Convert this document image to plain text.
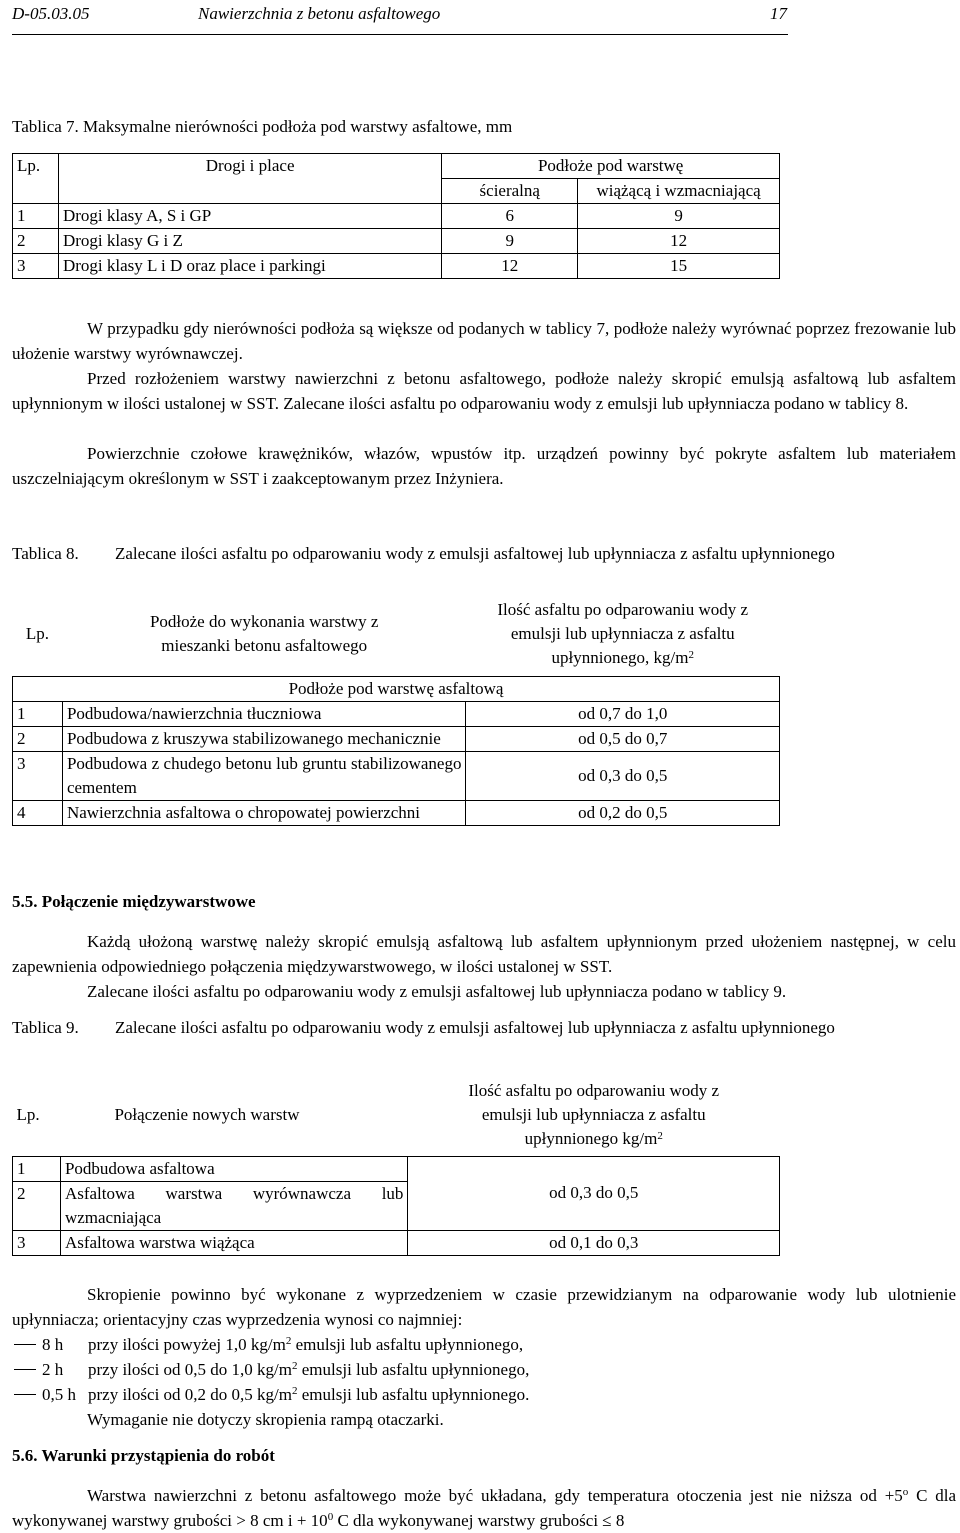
D-05.03.05	Nawierzchnia z betonu asfaltowego	17
Tablica 7. Maksymalne nierówności podłoża pod warstwy asfaltowe, mm
Lp.	Drogi i place	Podłoże pod warstwę	
		ścieralną	wiążącą i wzmacniającą
1	Drogi klasy A, S i GP	6	9
2	Drogi klasy G i Z	9	12
3	Drogi klasy L i D oraz place i parkingi	12	15
W przypadku gdy nierówności podłoża są większe od podanych w tablicy 7, podłoże należy wyrównać poprzez frezowanie lub ułożenie warstwy wyrównawczej.
Przed rozłożeniem warstwy nawierzchni z betonu asfaltowego, podłoże należy skropić emulsją asfaltową lub asfaltem upłynnionym w ilości ustalonej w SST. Zalecane ilości asfaltu po odparowaniu wody z emulsji lub upłynniacza podano w tablicy 8.
Powierzchnie czołowe krawężników, włazów, wpustów itp. urządzeń powinny być pokryte asfaltem lub materiałem uszczelniającym określonym w SST i zaakceptowanym przez Inżyniera.
Tablica 8. Zalecane ilości asfaltu po odparowaniu wody z emulsji asfaltowej lub upłynniacza z asfaltu upłynnionego
Lp.	Podłoże do wykonania warstwy z mieszanki betonu asfaltowego	Ilość asfaltu po odparowaniu wody z emulsji lub upłynniacza z asfaltu upłynnionego, $kg/m^2$
Podłoże pod warstwę asfaltową		
1	Podbudowa/nawierzchnia tłuczniowa	od 0,7 do 1,0
2	Podbudowa z kruszywa stabilizowanego mechanicznie	od 0,5 do 0,7
3	Podbudowa z chudego betonu lub gruntu stabilizowanego cementem	od 0,3 do 0,5
4	Nawierzchnia asfaltowa o chropowatej powierzchni	od 0,2 do 0,5
5.5. Połączenie międzywarstwowe
Każdą ułożoną warstwę należy skropić emulsją asfaltową lub asfaltem upłynnionym przed ułożeniem następnej, w celu zapewnienia odpowiedniego połączenia międzywarstwowego, w ilości ustalonej w SST.
Zalecane ilości asfaltu po odparowaniu wody z emulsji asfaltowej lub upłynniacza podano w tablicy 9.
Tablica 9. Zalecane ilości asfaltu po odparowaniu wody z emulsji asfaltowej lub upłynniacza z asfaltu upłynnionego
Lp.	Połączenie nowych warstw	Ilość asfaltu po odparowaniu wody z emulsji lub upłynniacza z asfaltu upłynnionego $kg/m^2$
1	Podbudowa asfaltowa	od 0,3 do 0,5
2	Asfaltowa warstwa wyrównawcza lub wzmacniająca	
3	Asfaltowa warstwa wiążąca	od 0,1 do 0,3
Skropienie powinno być wykonane z wyprzedzeniem w czasie przewidzianym na odparowanie wody lub ulotnienie upłynniacza; orientacyjny czas wyprzedzenia wynosi co najmniej:
8 h przy ilości powyżej 1,0 $kg/m^2$ emulsji lub asfaltu upłynnionego,
2 h przy ilości od 0,5 do 1,0 $kg/m^2$ emulsji lub asfaltu upłynnionego,
0,5 h przy ilości od 0,2 do 0,5 $kg/m^2$ emulsji lub asfaltu upłynnionego.
Wymaganie nie dotyczy skropienia rampą otaczarki.
5.6. Warunki przystąpienia do robót
Warstwa nawierzchni z betonu asfaltowego może być układana, gdy temperatura otoczenia jest nie niższa od $+5^o$ C dla wykonywanej warstwy grubości > 8 cm $i + 10^0$ C dla wykonywanej warstwy grubości ≤ 8
